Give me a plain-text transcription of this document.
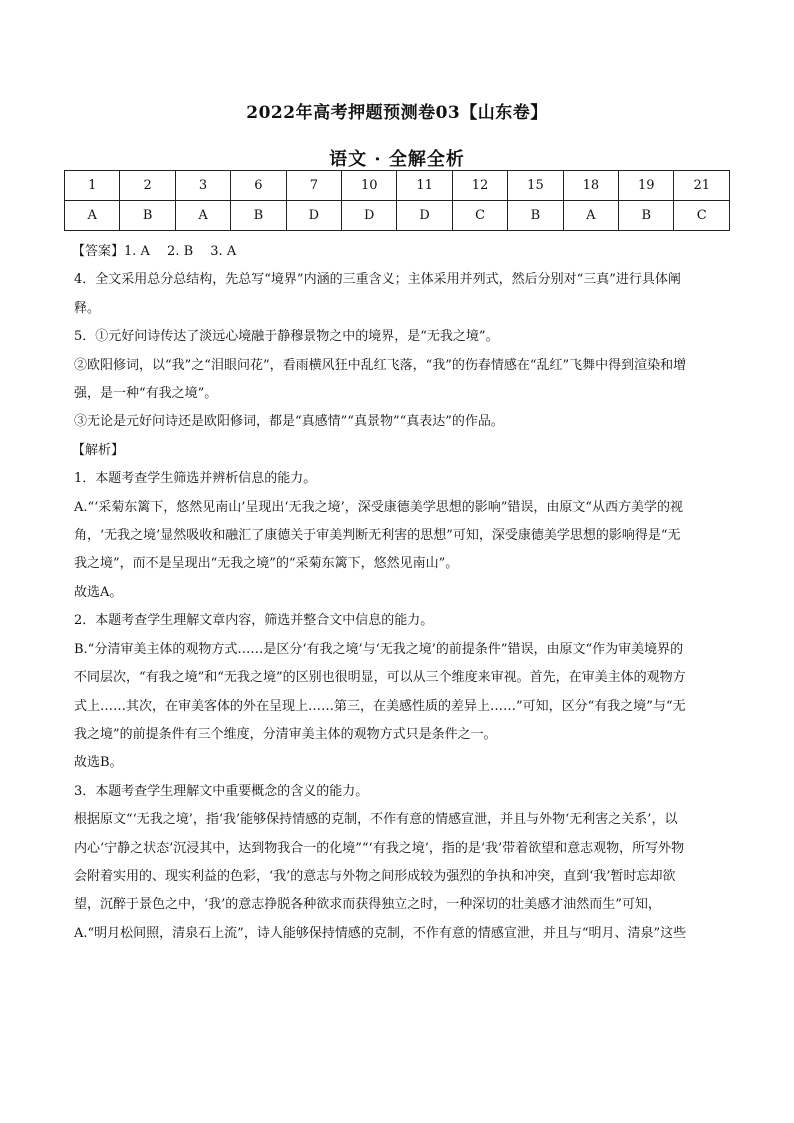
2022年高考押题预测卷03【山东卷】
语文 · 全解全析
1	2	3	6	7	10	11	12	15	18	19	21
A	B	A	B	D	D	D	C	B	A	B	C

【答案】1. A　 2. B　 3. A

4．全文采用总分总结构，先总写“境界”内涵的三重含义；主体采用并列式，然后分别对“三真”进行具体阐

释。

5．①元好问诗传达了淡远心境融于静穆景物之中的境界，是“无我之境”。

②欧阳修词，以“我”之“泪眼问花”，看雨横风狂中乱红飞落，“我”的伤春情感在“乱红”飞舞中得到渲染和增

强，是一种“有我之境”。

③无论是元好问诗还是欧阳修词，都是“真感情”“真景物”“真表达”的作品。

【解析】

1．本题考查学生筛选并辨析信息的能力。

A.“‘采菊东篱下，悠然见南山’呈现出‘无我之境’，深受康德美学思想的影响”错误，由原文“从西方美学的视

角，‘无我之境’显然吸收和融汇了康德关于审美判断无利害的思想”可知，深受康德美学思想的影响得是“无

我之境”，而不是呈现出“无我之境”的“采菊东篱下，悠然见南山”。

故选A。

2．本题考查学生理解文章内容，筛选并整合文中信息的能力。

B.“分清审美主体的观物方式……是区分‘有我之境’与‘无我之境’的前提条件”错误，由原文“作为审美境界的

不同层次，“有我之境”和“无我之境”的区别也很明显，可以从三个维度来审视。首先，在审美主体的观物方

式上……其次，在审美客体的外在呈现上……第三，在美感性质的差异上……”可知，区分“有我之境”与“无

我之境”的前提条件有三个维度，分清审美主体的观物方式只是条件之一。

故选B。

3．本题考查学生理解文中重要概念的含义的能力。

根据原文“‘无我之境’，指‘我’能够保持情感的克制，不作有意的情感宣泄，并且与外物‘无利害之关系’，以

内心‘宁静之状态’沉浸其中，达到物我合一的化境”“‘有我之境’，指的是‘我’带着欲望和意志观物，所写外物

会附着实用的、现实利益的色彩，‘我’的意志与外物之间形成较为强烈的争执和冲突，直到‘我’暂时忘却欲

望，沉醉于景色之中，‘我’的意志挣脱各种欲求而获得独立之时，一种深切的壮美感才油然而生”可知，

A.“明月松间照，清泉石上流”，诗人能够保持情感的克制，不作有意的情感宣泄，并且与“明月、清泉”这些
